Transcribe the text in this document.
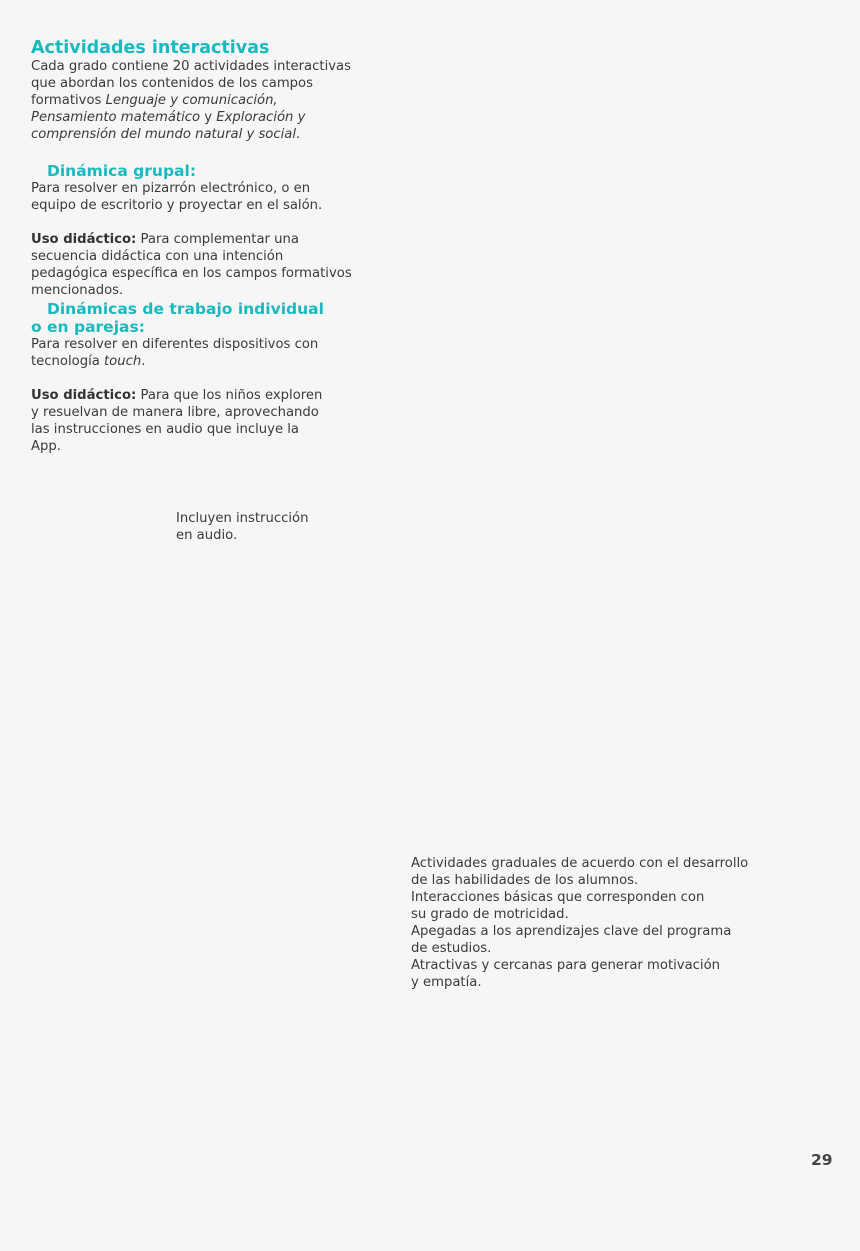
Actividades interactivas

Cada grado contiene 20 actividades interactivas que abordan los contenidos de los campos formativos Lenguaje y comunicación, Pensamiento matemático y Exploración y comprensión del mundo natural y social.

Dinámica grupal:

Para resolver en pizarrón electrónico, o en equipo de escritorio y proyectar en el salón.

Uso didáctico: Para complementar una secuencia didáctica con una intención pedagógica específica en los campos formativos mencionados.

Dinámicas de trabajo individual
o en parejas:

Para resolver en diferentes dispositivos con tecnología touch.

Uso didáctico: Para que los niños exploren y resuelvan de manera libre, aprovechando las instrucciones en audio que incluye la App.

Incluyen instrucción
en audio.

Actividades graduales de acuerdo con el desarrollo
de las habilidades de los alumnos.
Interacciones básicas que corresponden con
su grado de motricidad.
Apegadas a los aprendizajes clave del programa
de estudios.
Atractivas y cercanas para generar motivación
y empatía.

29
